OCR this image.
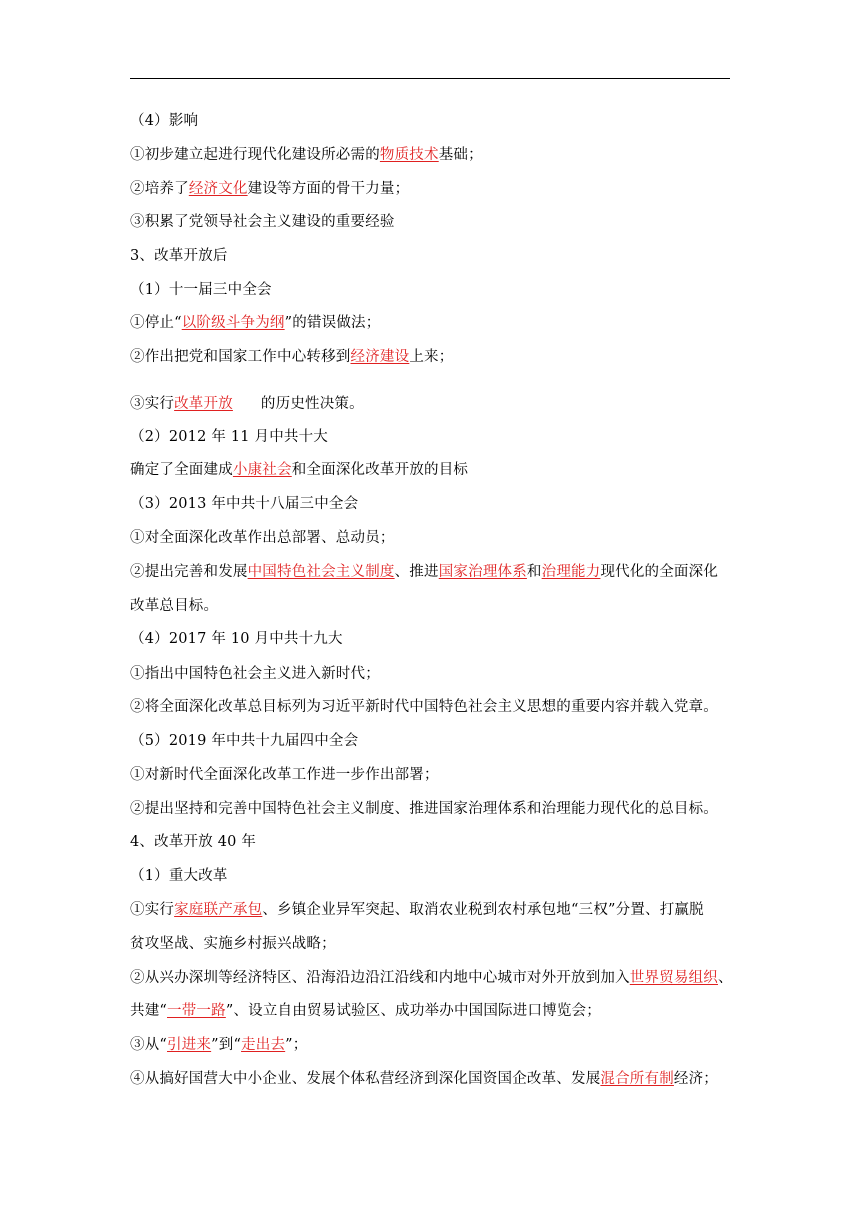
（4）影响
①初步建立起进行现代化建设所必需的物质技术基础；
②培养了经济文化建设等方面的骨干力量；
③积累了党领导社会主义建设的重要经验
3、改革开放后
（1）十一届三中全会
①停止“以阶级斗争为纲”的错误做法；
②作出把党和国家工作中心转移到经济建设上来；
③实行改革开放 的历史性决策。
（2）2012 年 11 月中共十大
确定了全面建成小康社会和全面深化改革开放的目标
（3）2013 年中共十八届三中全会
①对全面深化改革作出总部署、总动员；
②提出完善和发展中国特色社会主义制度、推进国家治理体系和治理能力现代化的全面深化
改革总目标。
（4）2017 年 10 月中共十九大
①指出中国特色社会主义进入新时代；
②将全面深化改革总目标列为习近平新时代中国特色社会主义思想的重要内容并载入党章。
（5）2019 年中共十九届四中全会
①对新时代全面深化改革工作进一步作出部署；
②提出坚持和完善中国特色社会主义制度、推进国家治理体系和治理能力现代化的总目标。
4、改革开放 40 年
（1）重大改革
①实行家庭联产承包、乡镇企业异军突起、取消农业税到农村承包地“三权”分置、打赢脱
贫攻坚战、实施乡村振兴战略；
②从兴办深圳等经济特区、沿海沿边沿江沿线和内地中心城市对外开放到加入世界贸易组织、
共建“一带一路”、设立自由贸易试验区、成功举办中国国际进口博览会；
③从“引进来”到“走出去”；
④从搞好国营大中小企业、发展个体私营经济到深化国资国企改革、发展混合所有制经济；
